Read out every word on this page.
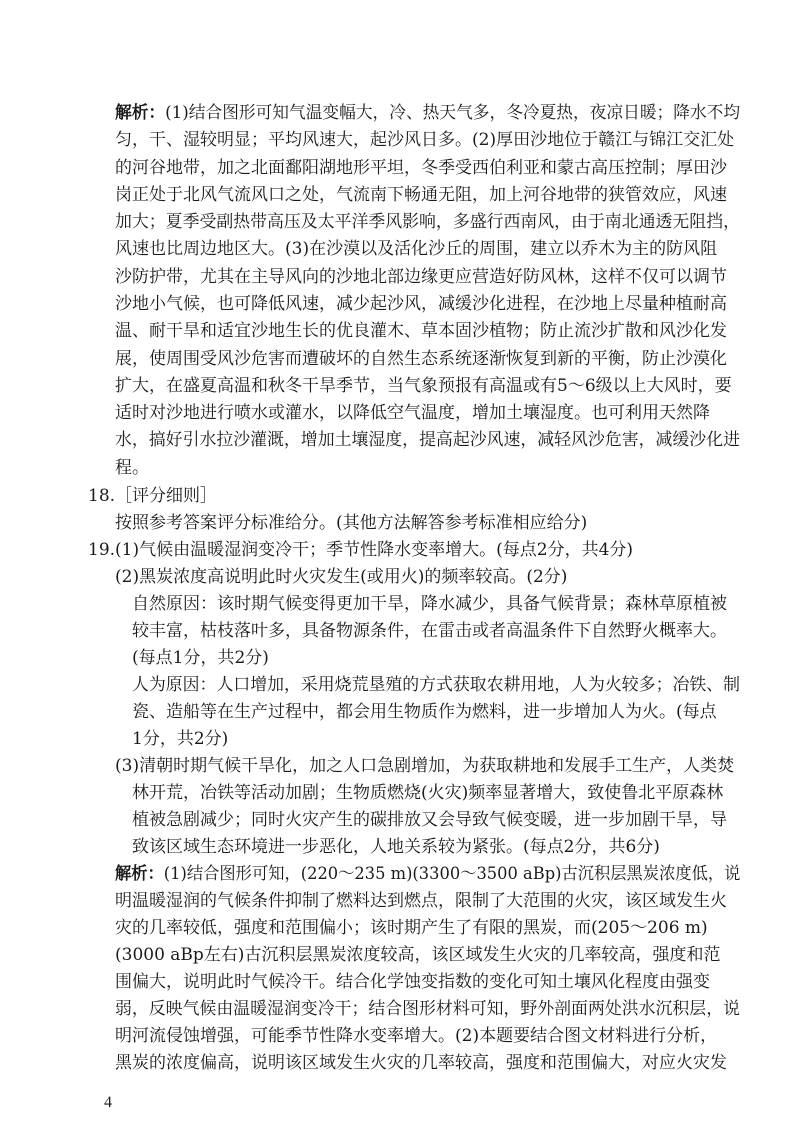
解析：(1)结合图形可知气温变幅大，冷、热天气多，冬冷夏热，夜凉日暖；降水不均
匀，干、湿较明显；平均风速大，起沙风日多。(2)厚田沙地位于赣江与锦江交汇处
的河谷地带，加之北面鄱阳湖地形平坦，冬季受西伯利亚和蒙古高压控制；厚田沙
岗正处于北风气流风口之处，气流南下畅通无阻，加上河谷地带的狭管效应，风速
加大；夏季受副热带高压及太平洋季风影响，多盛行西南风，由于南北通透无阻挡，
风速也比周边地区大。(3)在沙漠以及活化沙丘的周围，建立以乔木为主的防风阻
沙防护带，尤其在主导风向的沙地北部边缘更应营造好防风林，这样不仅可以调节
沙地小气候，也可降低风速，减少起沙风，减缓沙化进程，在沙地上尽量种植耐高
温、耐干旱和适宜沙地生长的优良灌木、草本固沙植物；防止流沙扩散和风沙化发
展，使周围受风沙危害而遭破坏的自然生态系统逐渐恢复到新的平衡，防止沙漠化
扩大，在盛夏高温和秋冬干旱季节，当气象预报有高温或有5～6级以上大风时，要
适时对沙地进行喷水或灌水，以降低空气温度，增加土壤湿度。也可利用天然降
水，搞好引水拉沙灌溉，增加土壤湿度，提高起沙风速，减轻风沙危害，减缓沙化进
程。
18.［评分细则］
按照参考答案评分标准给分。(其他方法解答参考标准相应给分)
19.(1)气候由温暖湿润变冷干；季节性降水变率增大。(每点2分，共4分)
(2)黑炭浓度高说明此时火灾发生(或用火)的频率较高。(2分)
自然原因：该时期气候变得更加干旱，降水减少，具备气候背景；森林草原植被
较丰富，枯枝落叶多，具备物源条件，在雷击或者高温条件下自然野火概率大。
(每点1分，共2分)
人为原因：人口增加，采用烧荒垦殖的方式获取农耕用地，人为火较多；冶铁、制
瓷、造船等在生产过程中，都会用生物质作为燃料，进一步增加人为火。(每点
1分，共2分)
(3)清朝时期气候干旱化，加之人口急剧增加，为获取耕地和发展手工生产，人类焚
林开荒，冶铁等活动加剧；生物质燃烧(火灾)频率显著增大，致使鲁北平原森林
植被急剧减少；同时火灾产生的碳排放又会导致气候变暖，进一步加剧干旱，导
致该区域生态环境进一步恶化，人地关系较为紧张。(每点2分，共6分)
解析：(1)结合图形可知，(220～235 m)(3300～3500 aBp)古沉积层黑炭浓度低，说
明温暖湿润的气候条件抑制了燃料达到燃点，限制了大范围的火灾，该区域发生火
灾的几率较低，强度和范围偏小；该时期产生了有限的黑炭，而(205～206 m)
(3000 aBp左右)古沉积层黑炭浓度较高，该区域发生火灾的几率较高，强度和范
围偏大，说明此时气候冷干。结合化学蚀变指数的变化可知土壤风化程度由强变
弱，反映气候由温暖湿润变冷干；结合图形材料可知，野外剖面两处洪水沉积层，说
明河流侵蚀增强，可能季节性降水变率增大。(2)本题要结合图文材料进行分析，
黑炭的浓度偏高，说明该区域发生火灾的几率较高，强度和范围偏大，对应火灾发
4
